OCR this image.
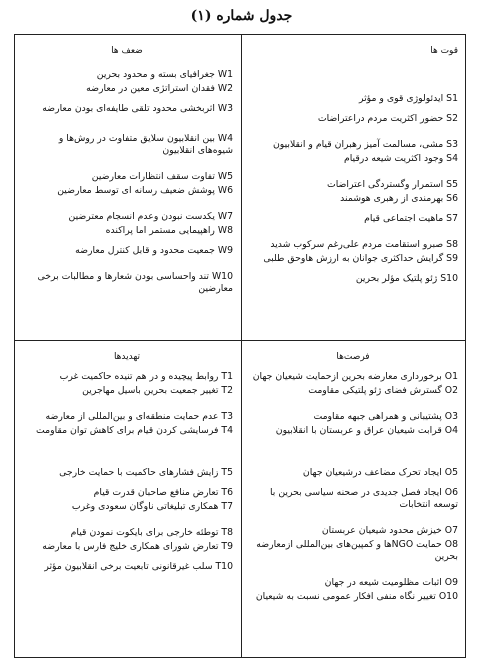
جدول شماره (۱)
قوت ها

S1 ایدئولوژی قوی و مؤثر

S2 حضور اکثریت مردم دراعتراضات

S3 مشی، مسالمت آمیز رهبران قیام و انقلابیون

S4 وجود اکثریت شیعه درقیام

S5 استمرار وگستردگی اعتراضات

S6 بهرمندی از رهبری هوشمند

S7 ماهیت اجتماعی قیام

S8 صبرو استقامت مردم علی‌رغم سرکوب شدید

S9 گرایش حداکثری جوانان به ارزش هاوحق طلبی

S10 ژئو پلتیک مؤلر بحرین

ضعف ها

W1 جغرافیای بسته و محدود بحرین

W2 فقدان استراتژی معین در معارضه

W3 اثربخشی محدود تلقی طایفه‌ای بودن معارضه

W4 بین انقلابیون سلایق متفاوت در روش‌ها و شیوه‌های انقلابیون

W5 تفاوت سقف انتظارات معارضین

W6 پوشش ضعیف رسانه ای توسط معارضین

W7 یکدست نبودن وعدم انسجام معترضین

W8 راهپیمایی مستمر اما پراکنده

W9 جمعیت محدود و قابل کنترل معارضه

W10 تند واحساسی بودن شعارها و مطالبات برخی معارضین

فرصت‌ها

O1 برخورداری معارضه بحرین ازحمایت شیعیان جهان

O2 گسترش فضای ژئو پلتیکی مقاومت

O3 پشتیبانی و همراهی جبهه مقاومت

O4 قرابت شیعیان عراق و عربستان با انقلابیون

O5 ایجاد تحرک مضاعف درشیعیان جهان

O6 ایجاد فصل جدیدی در صحنه سیاسی بحرین با توسعه انتخابات

O7 خیزش محدود شیعیان عربستان

O8 حمایت NGOها و کمپین‌های بین‌المللی ازمعارضه بحرین

O9 اثبات مظلومیت شیعه در جهان

O10 تغییر نگاه منفی افکار عمومی نسبت به شیعیان

تهدیدها

T1 روابط پیچیده و در هم تنیده حاکمیت غرب

T2 تغییر جمعیت بحرین باسیل مهاجرین

T3 عدم حمایت منطقه‌ای و بین‌المللی از معارضه

T4 فرسایشی کردن قیام برای کاهش توان مقاومت

T5 زایش فشارهای حاکمیت با حمایت خارجی

T6 تعارض منافع صاحبان قدرت قیام

T7 همکاری تبلیغاتی ناوگان سعودی وغرب

T8 توطئه خارجی برای بایکوت نمودن قیام

T9 تعارض شورای همکاری خلیج فارس با معارضه

T10 سلب غیرقانونی تابعیت برخی انقلابیون مؤثر
